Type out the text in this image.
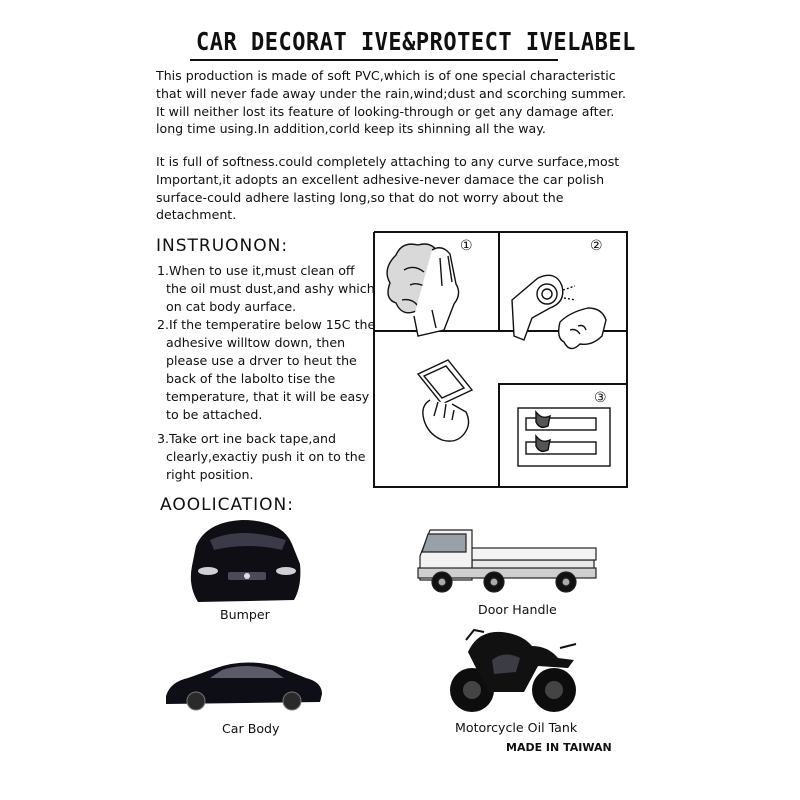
CAR DECORAT IVE&PROTECT IVELABEL
This production is made of soft PVC,which is of one special characteristic
that will never fade away under the rain,wind;dust and scorching summer.
It will neither lost its feature of looking-through or get any damage after.
long time using.In addition,corld keep its shinning all the way.
It is full of softness.could completely attaching to any curve surface,most
Important,it adopts an excellent adhesive-never damace the car polish
surface-could adhere lasting long,so that do not worry about the
detachment.
INSTRUONON:
1.When to use it,must clean off
the oil must dust,and ashy which
on cat body aurface.
2.If the temperatire below 15C the
adhesive willtow down, then
please use a drver to heut the
back of the labolto tise the
temperature, that it will be easy
to be attached.
3.Take ort ine back tape,and
clearly,exactiy push it on to the
right position.
①	②
③
AOOLICATION:
Bumper	Door Handle
Car Body	Motorcycle Oil Tank
MADE IN TAIWAN
